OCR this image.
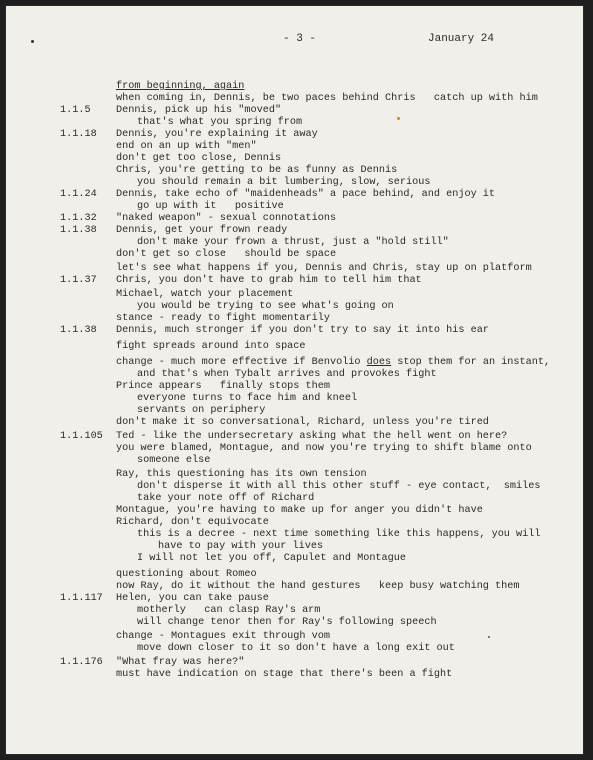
- 3 -	January 24
from beginning, again
when coming in, Dennis, be two paces behind Chris   catch up with him
1.1.5 Dennis, pick up his "moved"
that's what you spring from
1.1.18 Dennis, you're explaining it away
end on an up with "men"
don't get too close, Dennis
Chris, you're getting to be as funny as Dennis
you should remain a bit lumbering, slow, serious
1.1.24 Dennis, take echo of "maidenheads" a pace behind, and enjoy it
go up with it   positive
1.1.32 "naked weapon" - sexual connotations
1.1.38 Dennis, get your frown ready
don't make your frown a thrust, just a "hold still"
don't get so close   should be space
let's see what happens if you, Dennis and Chris, stay up on platform
1.1.37 Chris, you don't have to grab him to tell him that
Michael, watch your placement
you would be trying to see what's going on
stance - ready to fight momentarily
1.1.38 Dennis, much stronger if you don't try to say it into his ear
fight spreads around into space
change - much more effective if Benvolio does stop them for an instant,
and that's when Tybalt arrives and provokes fight
Prince appears   finally stops them
everyone turns to face him and kneel
servants on periphery
don't make it so conversational, Richard, unless you're tired
1.1.105 Ted - like the undersecretary asking what the hell went on here?
you were blamed, Montague, and now you're trying to shift blame onto
someone else
Ray, this questioning has its own tension
don't disperse it with all this other stuff - eye contact,  smiles
take your note off of Richard
Montague, you're having to make up for anger you didn't have
Richard, don't equivocate
this is a decree - next time something like this happens, you will
have to pay with your lives
I will not let you off, Capulet and Montague
questioning about Romeo
now Ray, do it without the hand gestures   keep busy watching them
1.1.117 Helen, you can take pause
motherly   can clasp Ray's arm
will change tenor then for Ray's following speech
change - Montagues exit through vom
move down closer to it so don't have a long exit out
1.1.176 "What fray was here?"
must have indication on stage that there's been a fight
